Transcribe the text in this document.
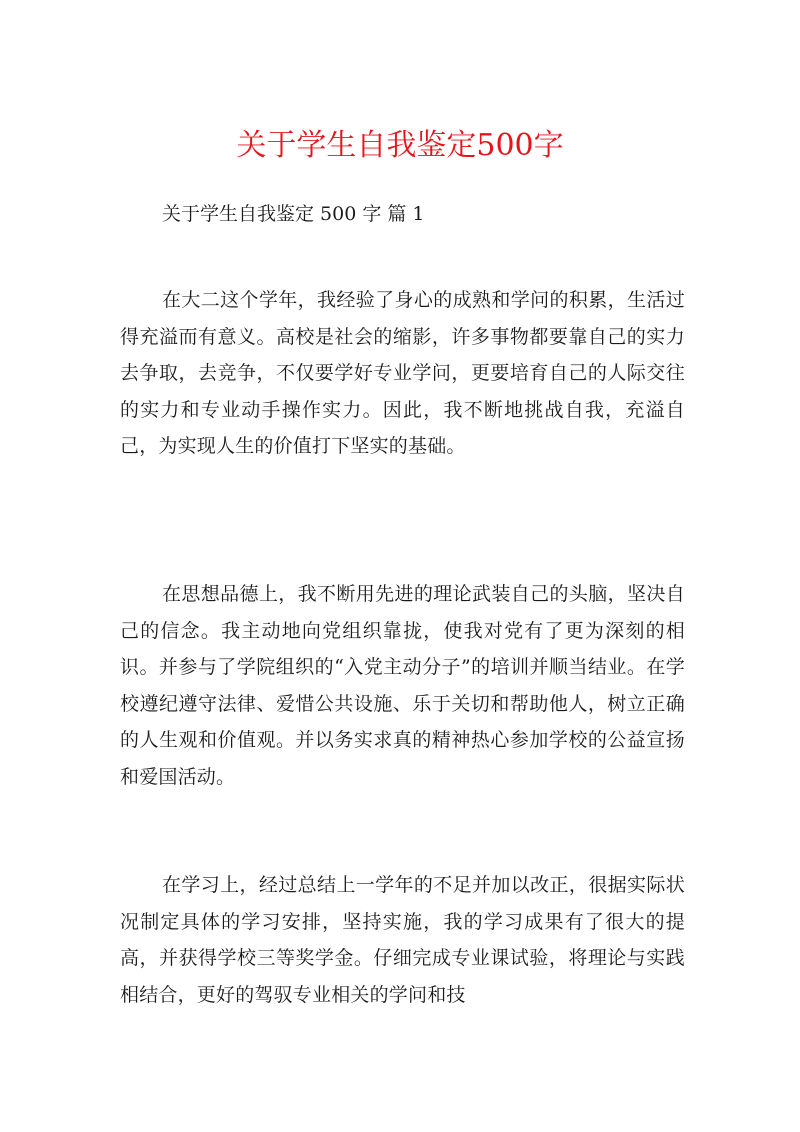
关于学生自我鉴定500字
关于学生自我鉴定 500 字 篇 1

在大二这个学年，我经验了身心的成熟和学问的积累，生活过得充溢而有意义。高校是社会的缩影，许多事物都要靠自己的实力去争取，去竞争，不仅要学好专业学问，更要培育自己的人际交往的实力和专业动手操作实力。因此，我不断地挑战自我，充溢自己，为实现人生的价值打下坚实的基础。

在思想品德上，我不断用先进的理论武装自己的头脑，坚决自己的信念。我主动地向党组织靠拢，使我对党有了更为深刻的相识。并参与了学院组织的“入党主动分子”的培训并顺当结业。在学校遵纪遵守法律、爱惜公共设施、乐于关切和帮助他人，树立正确的人生观和价值观。并以务实求真的精神热心参加学校的公益宣扬和爱国活动。

在学习上，经过总结上一学年的不足并加以改正，很据实际状况制定具体的学习安排，坚持实施，我的学习成果有了很大的提高，并获得学校三等奖学金。仔细完成专业课试验，将理论与实践相结合，更好的驾驭专业相关的学问和技
